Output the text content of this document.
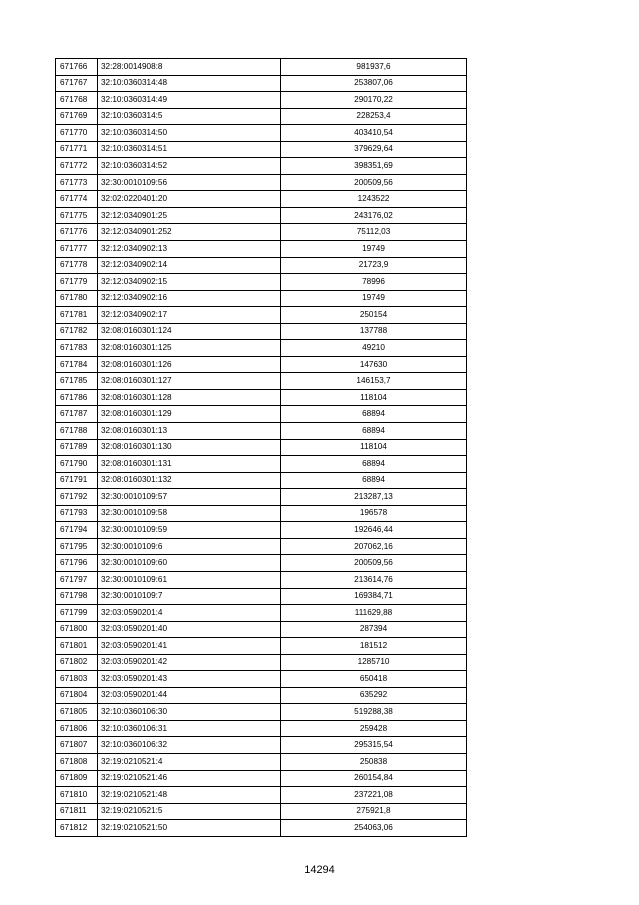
671766	32:28:0014908:8	981937,6
671767	32:10:0360314:48	253807,06
671768	32:10:0360314:49	290170,22
671769	32:10:0360314:5	228253,4
671770	32:10:0360314:50	403410,54
671771	32:10:0360314:51	379629,64
671772	32:10:0360314:52	398351,69
671773	32:30:0010109:56	200509,56
671774	32:02:0220401:20	1243522
671775	32:12:0340901:25	243176,02
671776	32:12:0340901:252	75112,03
671777	32:12:0340902:13	19749
671778	32:12:0340902:14	21723,9
671779	32:12:0340902:15	78996
671780	32:12:0340902:16	19749
671781	32:12:0340902:17	250154
671782	32:08:0160301:124	137788
671783	32:08:0160301:125	49210
671784	32:08:0160301:126	147630
671785	32:08:0160301:127	146153,7
671786	32:08:0160301:128	118104
671787	32:08:0160301:129	68894
671788	32:08:0160301:13	68894
671789	32:08:0160301:130	118104
671790	32:08:0160301:131	68894
671791	32:08:0160301:132	68894
671792	32:30:0010109:57	213287,13
671793	32:30:0010109:58	196578
671794	32:30:0010109:59	192646,44
671795	32:30:0010109:6	207062,16
671796	32:30:0010109:60	200509,56
671797	32:30:0010109:61	213614,76
671798	32:30:0010109:7	169384,71
671799	32:03:0590201:4	111629,88
671800	32:03:0590201:40	287394
671801	32:03:0590201:41	181512
671802	32:03:0590201:42	1285710
671803	32:03:0590201:43	650418
671804	32:03:0590201:44	635292
671805	32:10:0360106:30	519288,38
671806	32:10:0360106:31	259428
671807	32:10:0360106:32	295315,54
671808	32:19:0210521:4	250838
671809	32:19:0210521:46	260154,84
671810	32:19:0210521:48	237221,08
671811	32:19:0210521:5	275921,8
671812	32:19:0210521:50	254063,06
14294
